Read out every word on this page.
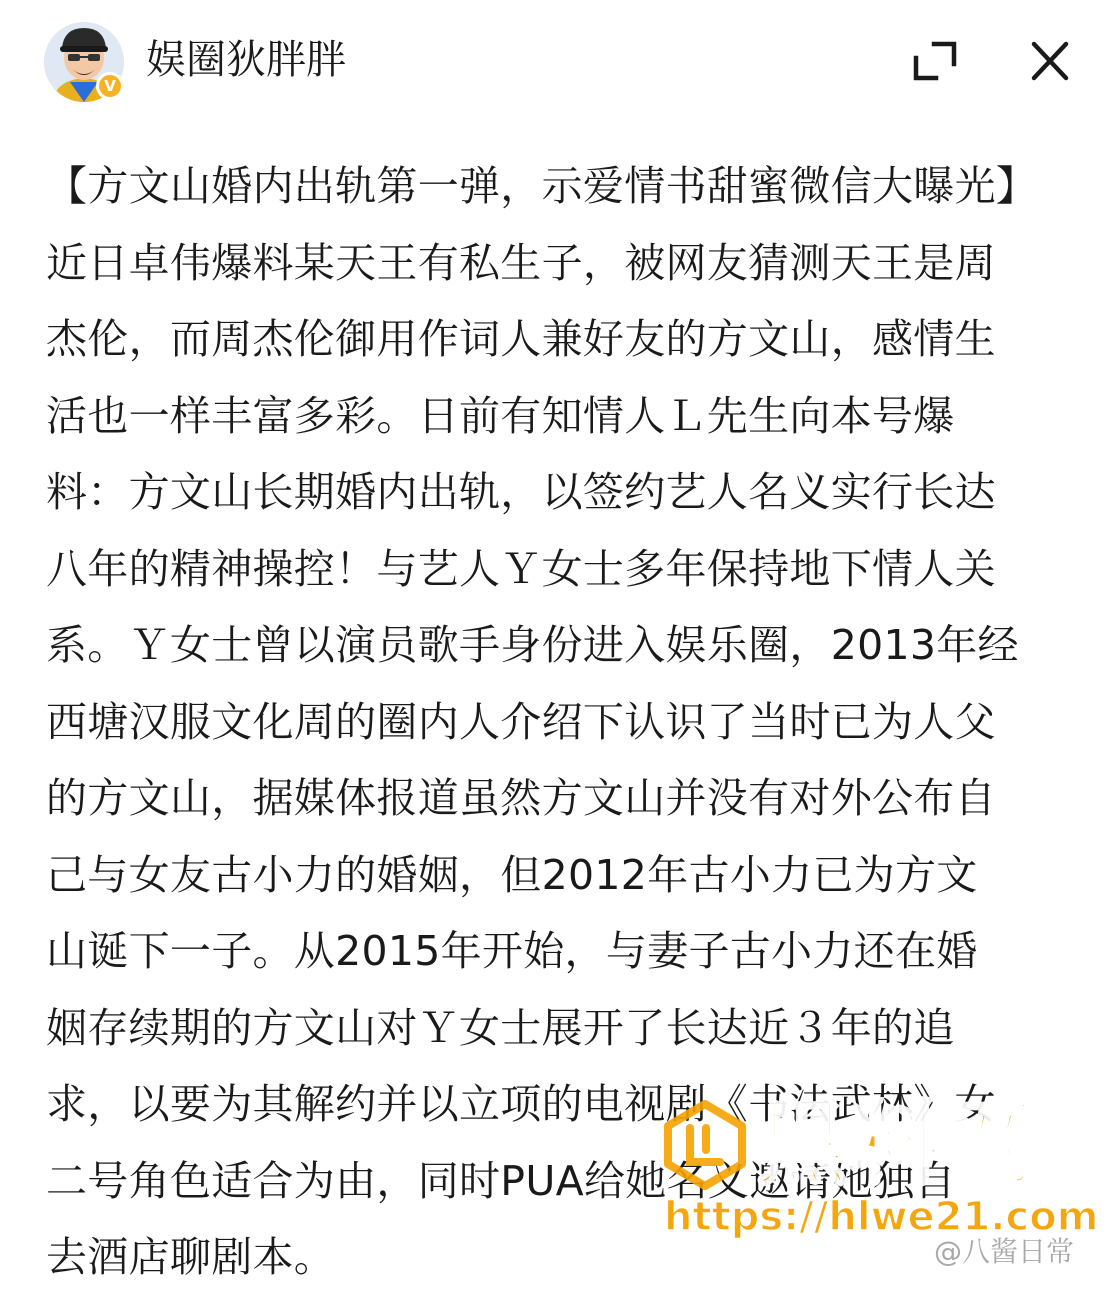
V
娱圈狄胖胖
【方文山婚内出轨第一弹，示爱情书甜蜜微信大曝光】
近日卓伟爆料某天王有私生子，被网友猜测天王是周
杰伦，而周杰伦御用作词人兼好友的方文山，感情生
活也一样丰富多彩。日前有知情人Ｌ先生向本号爆
料：方文山长期婚内出轨，以签约艺人名义实行长达
八年的精神操控！与艺人Ｙ女士多年保持地下情人关
系。Ｙ女士曾以演员歌手身份进入娱乐圈，2013年经
西塘汉服文化周的圈内人介绍下认识了当时已为人父
的方文山，据媒体报道虽然方文山并没有对外公布自
己与女友古小力的婚姻，但2012年古小力已为方文
山诞下一子。从2015年开始，与妻子古小力还在婚
姻存续期的方文山对Ｙ女士展开了长达近３年的追
求，以要为其解约并以立项的电视剧《书法武林》女
二号角色适合为由，同时PUA给她名义邀请她独自
去酒店聊剧本。
黑料网
https://hlwe21.com
@八酱日常
